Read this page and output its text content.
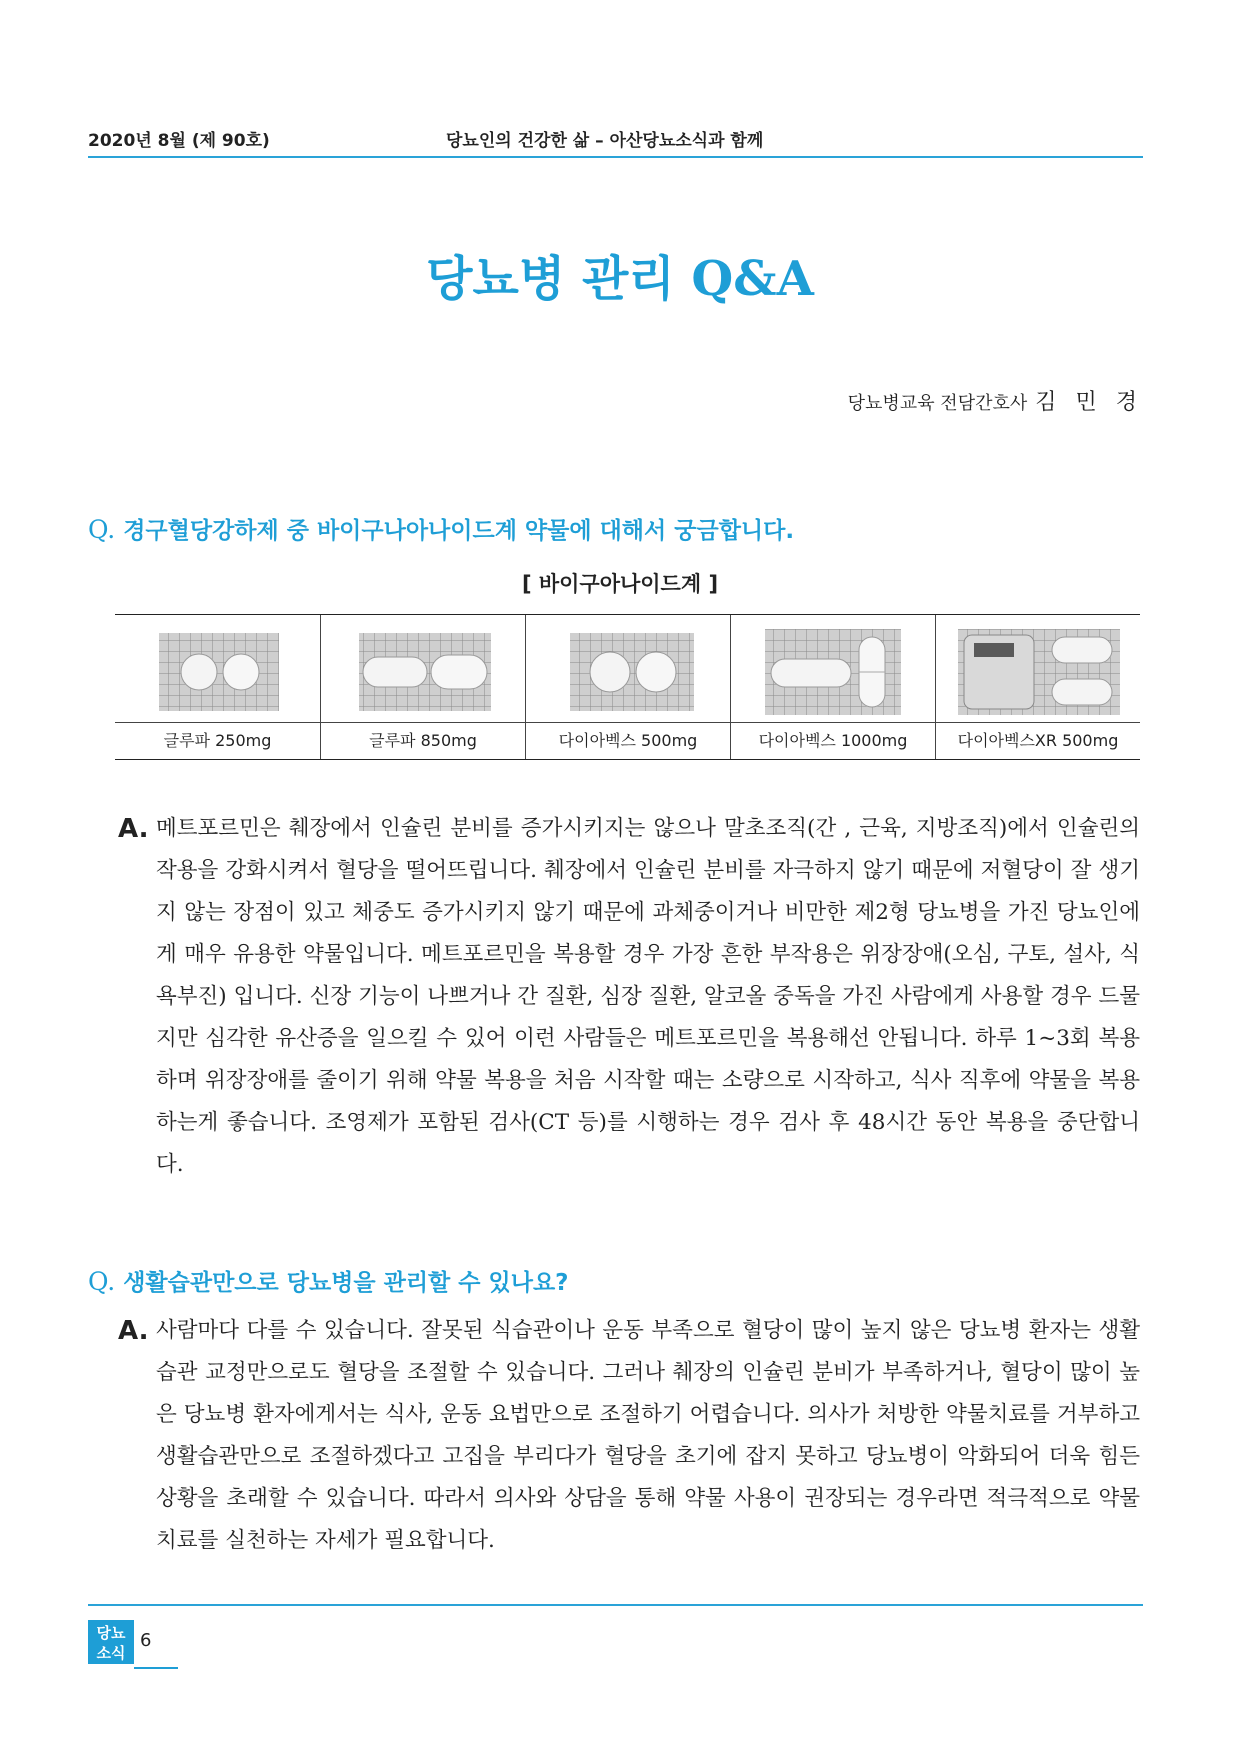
2020년 8월 (제 90호)	당뇨인의 건강한 삶 – 아산당뇨소식과 함께
당뇨병 관리 Q&A
당뇨병교육 전담간호사 김 민 경
Q. 경구혈당강하제 중 바이구나아나이드계 약물에 대해서 궁금합니다.
[ 바이구아나이드계 ]
글루파 250mg	글루파 850mg	다이아벡스 500mg	다이아벡스 1000mg	다이아벡스XR 500mg
A. 메트포르민은 췌장에서 인슐린 분비를 증가시키지는 않으나 말초조직(간 , 근육, 지방조직)에서 인슐린의 작용을 강화시켜서 혈당을 떨어뜨립니다. 췌장에서 인슐린 분비를 자극하지 않기 때문에 저혈당이 잘 생기지 않는 장점이 있고 체중도 증가시키지 않기 때문에 과체중이거나 비만한 제2형 당뇨병을 가진 당뇨인에게 매우 유용한 약물입니다. 메트포르민을 복용할 경우 가장 흔한 부작용은 위장장애(오심, 구토, 설사, 식욕부진) 입니다. 신장 기능이 나쁘거나 간 질환, 심장 질환, 알코올 중독을 가진 사람에게 사용할 경우 드물지만 심각한 유산증을 일으킬 수 있어 이런 사람들은 메트포르민을 복용해선 안됩니다. 하루 1~3회 복용하며 위장장애를 줄이기 위해 약물 복용을 처음 시작할 때는 소량으로 시작하고, 식사 직후에 약물을 복용하는게 좋습니다. 조영제가 포함된 검사(CT 등)를 시행하는 경우 검사 후 48시간 동안 복용을 중단합니다.
Q. 생활습관만으로 당뇨병을 관리할 수 있나요?
A. 사람마다 다를 수 있습니다. 잘못된 식습관이나 운동 부족으로 혈당이 많이 높지 않은 당뇨병 환자는 생활습관 교정만으로도 혈당을 조절할 수 있습니다. 그러나 췌장의 인슐린 분비가 부족하거나, 혈당이 많이 높은 당뇨병 환자에게서는 식사, 운동 요법만으로 조절하기 어렵습니다. 의사가 처방한 약물치료를 거부하고 생활습관만으로 조절하겠다고 고집을 부리다가 혈당을 초기에 잡지 못하고 당뇨병이 악화되어 더욱 힘든 상황을 초래할 수 있습니다. 따라서 의사와 상담을 통해 약물 사용이 권장되는 경우라면 적극적으로 약물치료를 실천하는 자세가 필요합니다.
당뇨
소식
6
